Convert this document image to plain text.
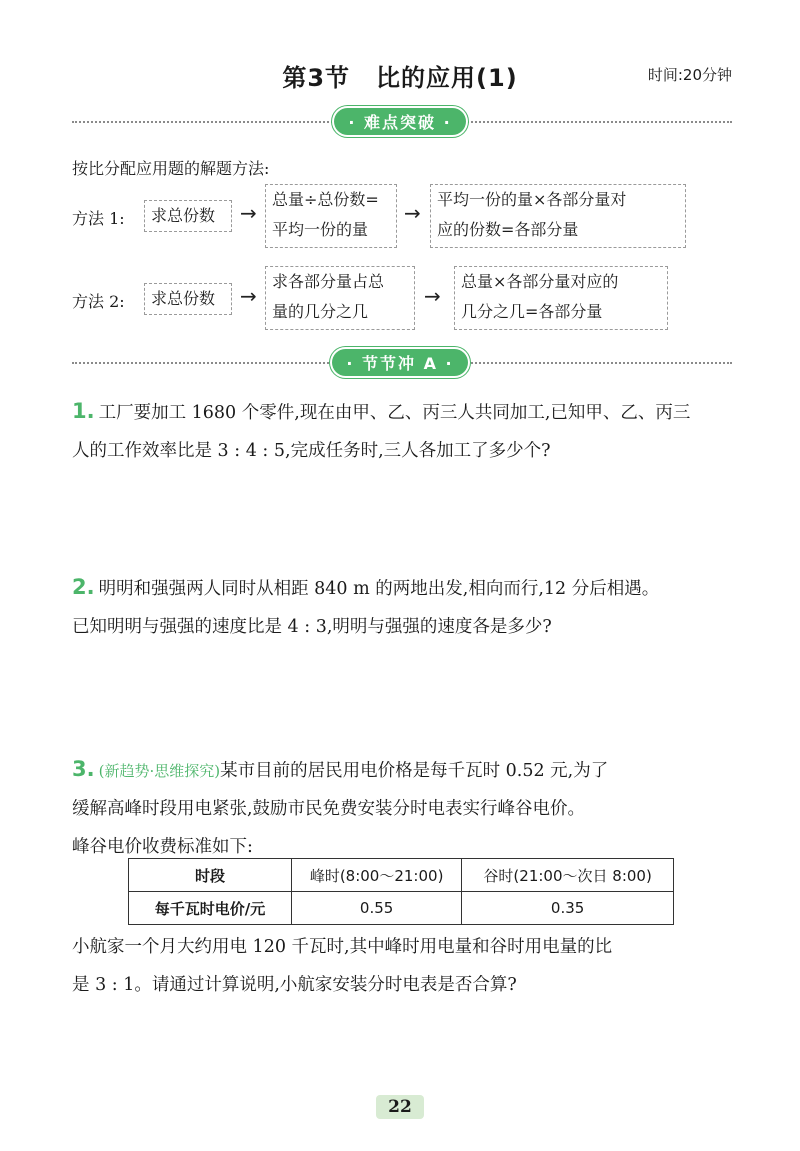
第3节 比的应用(1)	时间:20分钟
· 难点突破 ·
按比分配应用题的解题方法:
方法 1:	求总份数	→
总量÷总份数=
平均一份的量
→
平均一份的量×各部分量对
应的份数=各部分量
方法 2:	求总份数	→
求各部分量占总
量的几分之几
→
总量×各部分量对应的
几分之几=各部分量
· 节节冲 A ·
1. 工厂要加工 1680 个零件,现在由甲、乙、丙三人共同加工,已知甲、乙、丙三
人的工作效率比是 3 : 4 : 5,完成任务时,三人各加工了多少个?
2. 明明和强强两人同时从相距 840 m 的两地出发,相向而行,12 分后相遇。
已知明明与强强的速度比是 4 : 3,明明与强强的速度各是多少?
3. (新趋势·思维探究)某市目前的居民用电价格是每千瓦时 0.52 元,为了
缓解高峰时段用电紧张,鼓励市民免费安装分时电表实行峰谷电价。
峰谷电价收费标准如下:
时段	峰时(8:00～21:00)	谷时(21:00～次日 8:00)
每千瓦时电价/元	0.55	0.35
小航家一个月大约用电 120 千瓦时,其中峰时用电量和谷时用电量的比
是 3 : 1。请通过计算说明,小航家安装分时电表是否合算?
22
